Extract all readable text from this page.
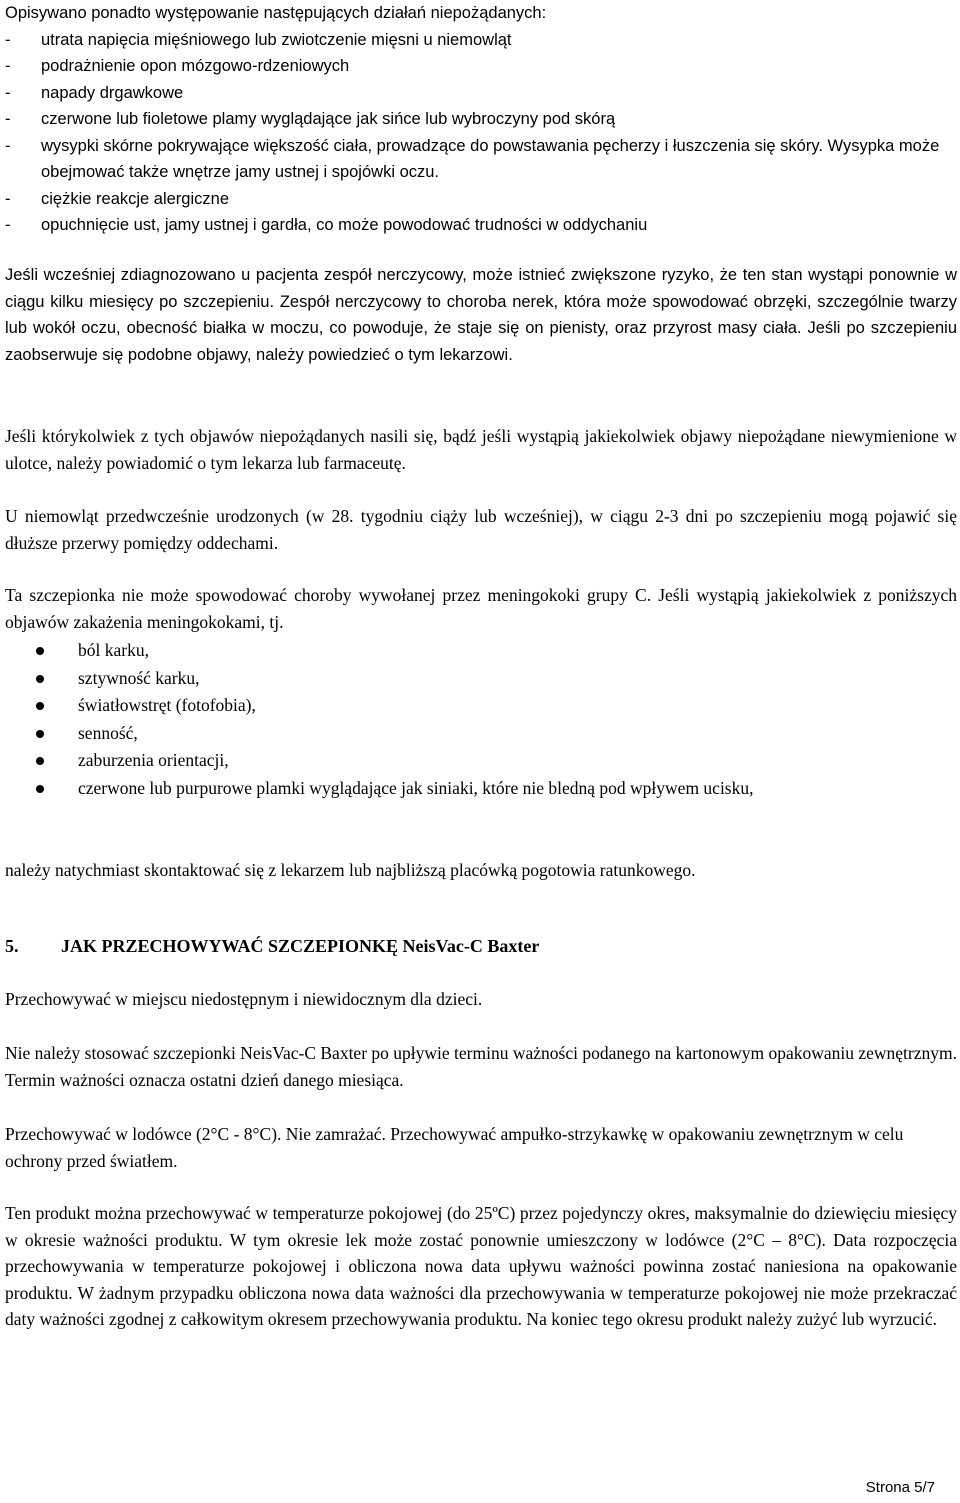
Opisywano ponadto występowanie następujących działań niepożądanych:

- utrata napięcia mięśniowego lub zwiotczenie mięsni u niemowląt
- podrażnienie opon mózgowo-rdzeniowych
- napady drgawkowe
- czerwone lub fioletowe plamy wyglądające jak sińce lub wybroczyny pod skórą
- wysypki skórne pokrywające większość ciała, prowadzące do powstawania pęcherzy i łuszczenia się skóry. Wysypka może obejmować także wnętrze jamy ustnej i spojówki oczu.
- ciężkie reakcje alergiczne
- opuchnięcie ust, jamy ustnej i gardła, co może powodować trudności w oddychaniu

Jeśli wcześniej zdiagnozowano u pacjenta zespół nerczycowy, może istnieć zwiększone ryzyko, że ten stan wystąpi ponownie w ciągu kilku miesięcy po szczepieniu. Zespół nerczycowy to choroba nerek, która może spowodować obrzęki, szczególnie twarzy lub wokół oczu, obecność białka w moczu, co powoduje, że staje się on pienisty, oraz przyrost masy ciała. Jeśli po szczepieniu zaobserwuje się podobne objawy, należy powiedzieć o tym lekarzowi.

Jeśli którykolwiek z tych objawów niepożądanych nasili się, bądź jeśli wystąpią jakiekolwiek objawy niepożądane niewymienione w ulotce, należy powiadomić o tym lekarza lub farmaceutę.

U niemowląt przedwcześnie urodzonych (w 28. tygodniu ciąży lub wcześniej), w ciągu 2-3 dni po szczepieniu mogą pojawić się dłuższe przerwy pomiędzy oddechami.

Ta szczepionka nie może spowodować choroby wywołanej przez meningokoki grupy C. Jeśli wystąpią jakiekolwiek z poniższych objawów zakażenia meningokokami, tj.

ból karku,
sztywność karku,
światłowstręt (fotofobia),
senność,
zaburzenia orientacji,
czerwone lub purpurowe plamki wyglądające jak siniaki, które nie bledną pod wpływem ucisku,

należy natychmiast skontaktować się z lekarzem lub najbliższą placówką pogotowia ratunkowego.

5. JAK PRZECHOWYWAĆ SZCZEPIONKĘ NeisVac-C Baxter

Przechowywać w miejscu niedostępnym i niewidocznym dla dzieci.

Nie należy stosować szczepionki NeisVac-C Baxter po upływie terminu ważności podanego na kartonowym opakowaniu zewnętrznym. Termin ważności oznacza ostatni dzień danego miesiąca.

Przechowywać w lodówce (2°C - 8°C). Nie zamrażać. Przechowywać ampułko-strzykawkę w opakowaniu zewnętrznym w celu ochrony przed światłem.

Ten produkt można przechowywać w temperaturze pokojowej (do 25ºC) przez pojedynczy okres, maksymalnie do dziewięciu miesięcy w okresie ważności produktu. W tym okresie lek może zostać ponownie umieszczony w lodówce (2°C – 8°C). Data rozpoczęcia przechowywania w temperaturze pokojowej i obliczona nowa data upływu ważności powinna zostać naniesiona na opakowanie produktu. W żadnym przypadku obliczona nowa data ważności dla przechowywania w temperaturze pokojowej nie może przekraczać daty ważności zgodnej z całkowitym okresem przechowywania produktu. Na koniec tego okresu produkt należy zużyć lub wyrzucić.

Strona 5/7
